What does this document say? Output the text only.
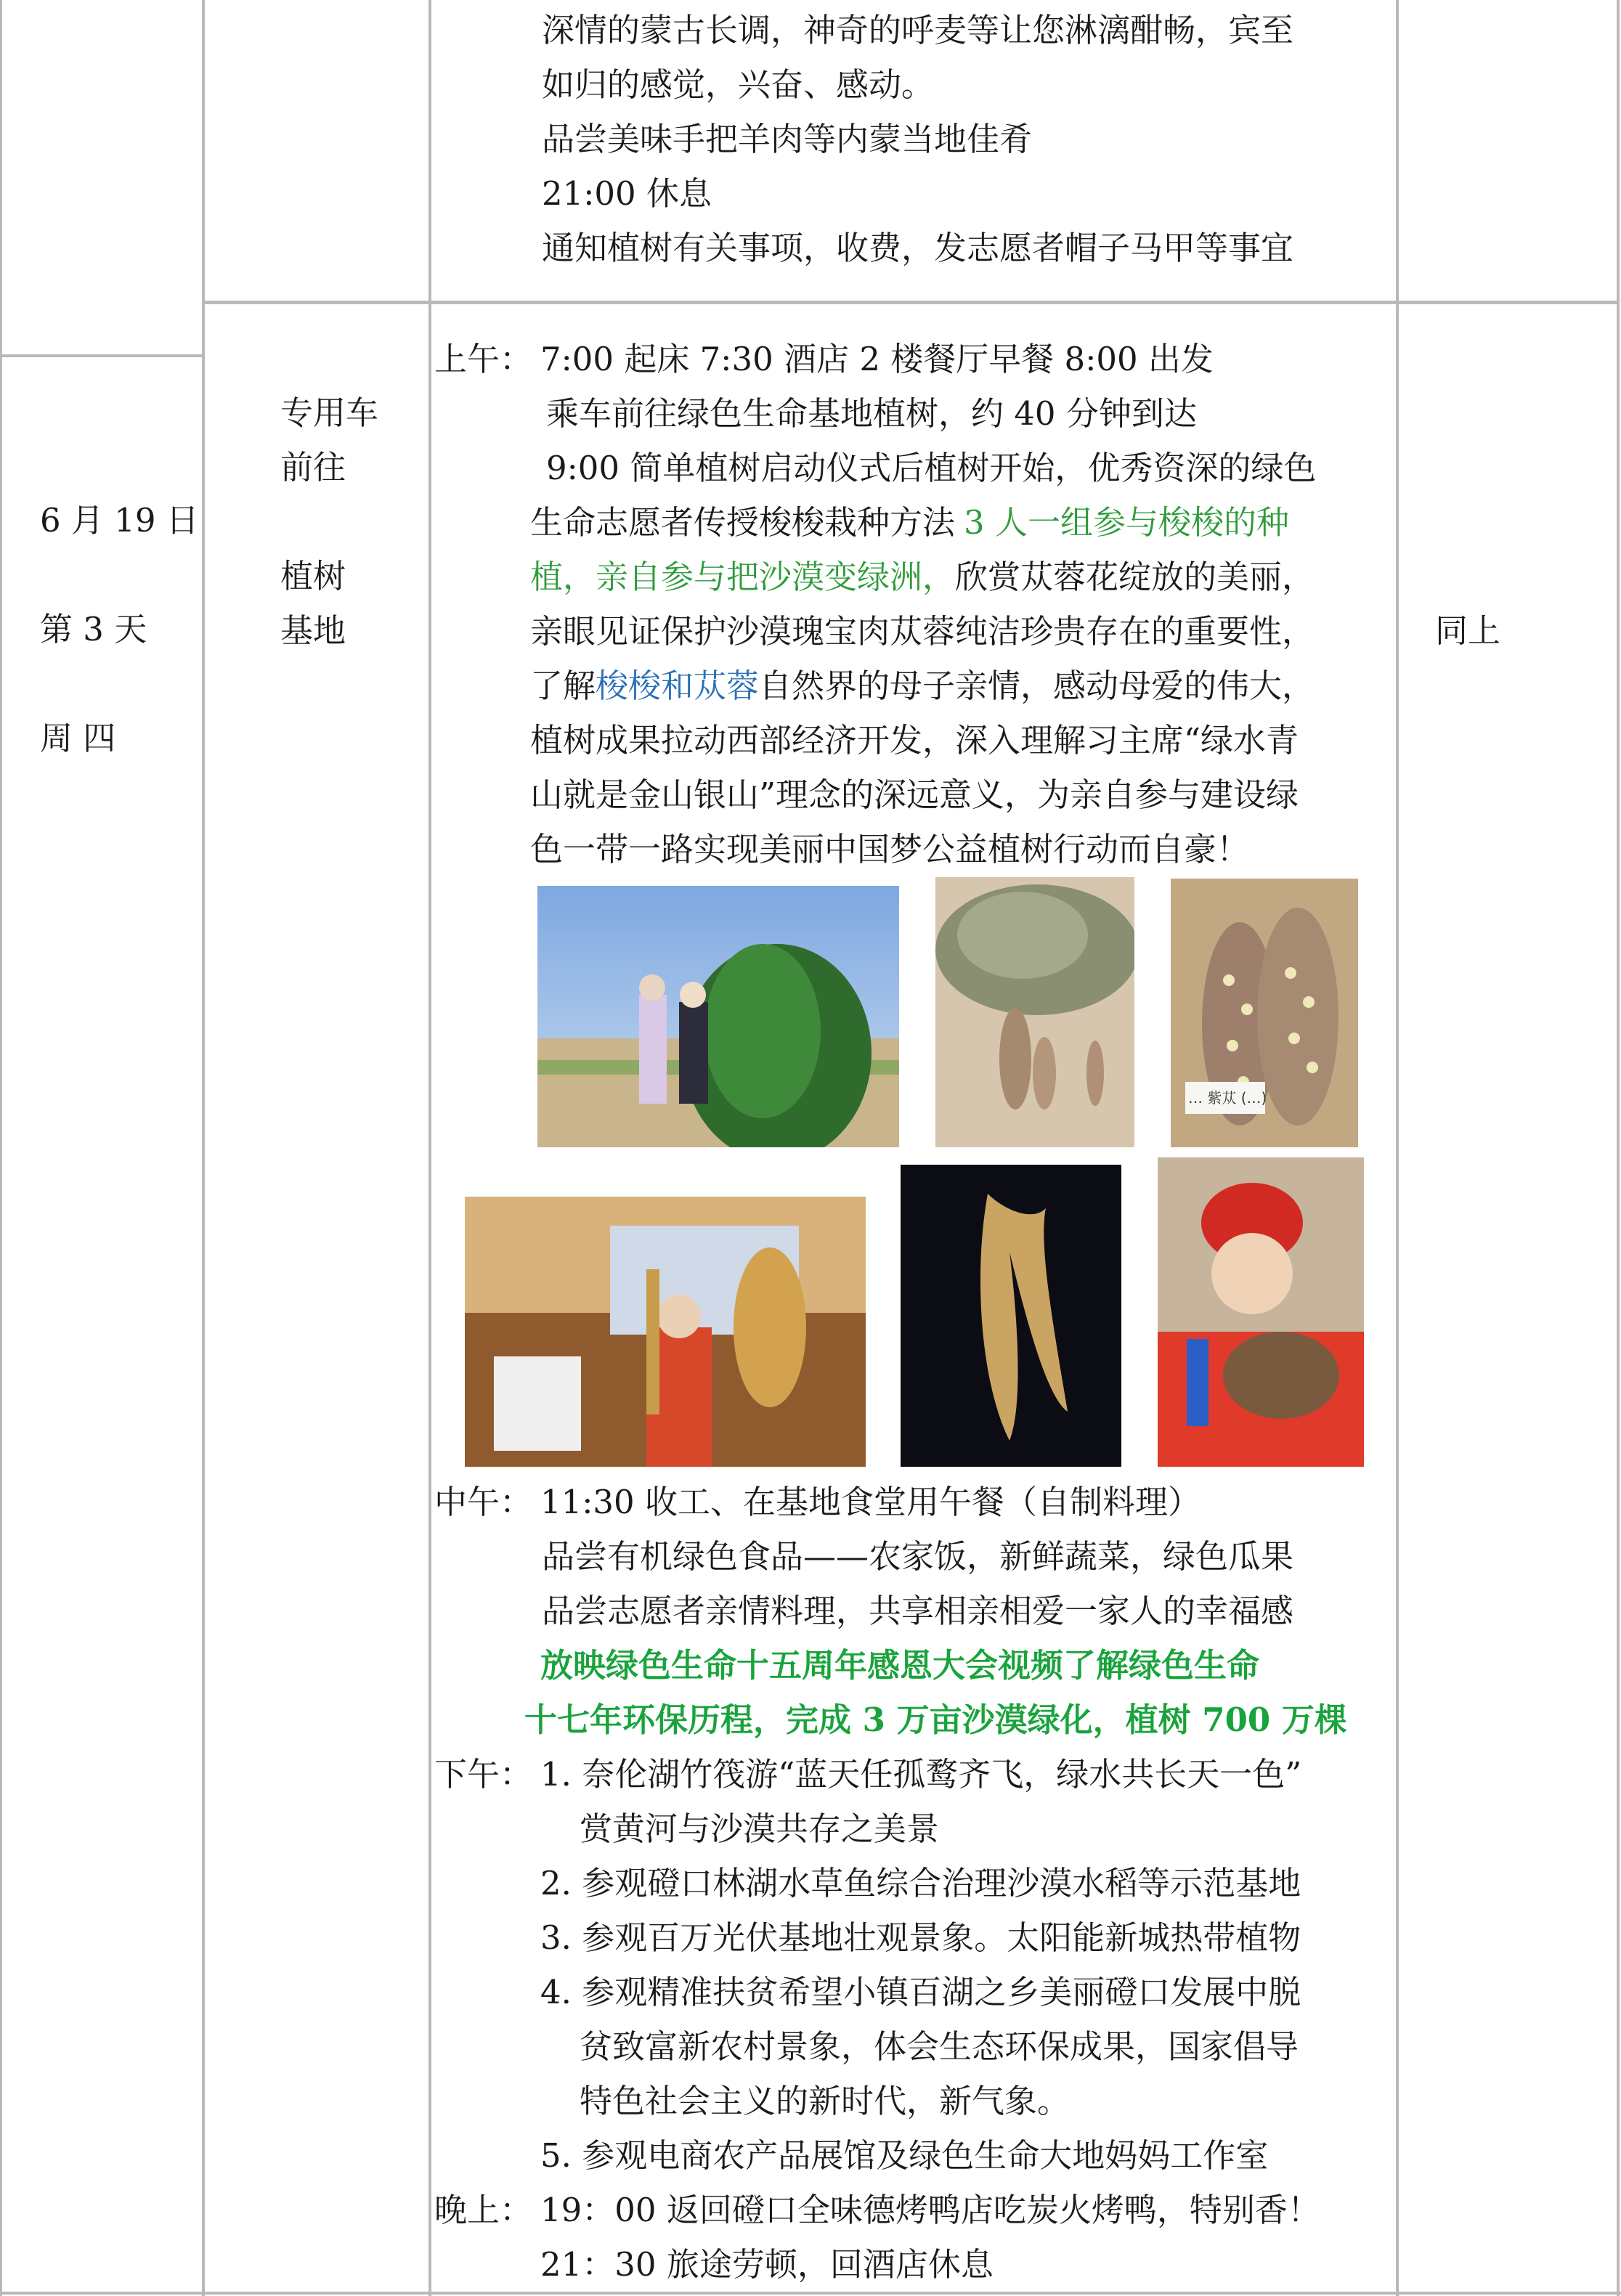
深情的蒙古长调，神奇的呼麦等让您淋漓酣畅，宾至
如归的感觉，兴奋、感动。
品尝美味手把羊肉等内蒙当地佳肴
21:00 休息
通知植树有关事项，收费，发志愿者帽子马甲等事宜
6 月 19 日
第 3 天
周 四
专用车
前往
植树
基地	同上
上午： 7:00 起床 7:30 酒店 2 楼餐厅早餐 8:00 出发
乘车前往绿色生命基地植树，约 40 分钟到达
9:00 简单植树启动仪式后植树开始，优秀资深的绿色
生命志愿者传授梭梭栽种方法 3 人一组参与梭梭的种
植，亲自参与把沙漠变绿洲，欣赏苁蓉花绽放的美丽，
亲眼见证保护沙漠瑰宝肉苁蓉纯洁珍贵存在的重要性，
了解梭梭和苁蓉自然界的母子亲情，感动母爱的伟大，
植树成果拉动西部经济开发，深入理解习主席“绿水青
山就是金山银山”理念的深远意义，为亲自参与建设绿
色一带一路实现美丽中国梦公益植树行动而自豪！
… 紫苁 (…)
中午： 11:30 收工、在基地食堂用午餐（自制料理）
品尝有机绿色食品——农家饭，新鲜蔬菜，绿色瓜果
品尝志愿者亲情料理，共享相亲相爱一家人的幸福感
放映绿色生命十五周年感恩大会视频了解绿色生命
十七年环保历程，完成 3 万亩沙漠绿化，植树 700 万棵
下午： 1. 奈伦湖竹筏游“蓝天任孤鹜齐飞，绿水共长天一色”
赏黄河与沙漠共存之美景
2. 参观磴口林湖水草鱼综合治理沙漠水稻等示范基地
3. 参观百万光伏基地壮观景象。太阳能新城热带植物
4. 参观精准扶贫希望小镇百湖之乡美丽磴口发展中脱
贫致富新农村景象，体会生态环保成果，国家倡导
特色社会主义的新时代，新气象。
5. 参观电商农产品展馆及绿色生命大地妈妈工作室
晚上： 19：00 返回磴口全味德烤鸭店吃炭火烤鸭，特别香！
21：30 旅途劳顿，回酒店休息
